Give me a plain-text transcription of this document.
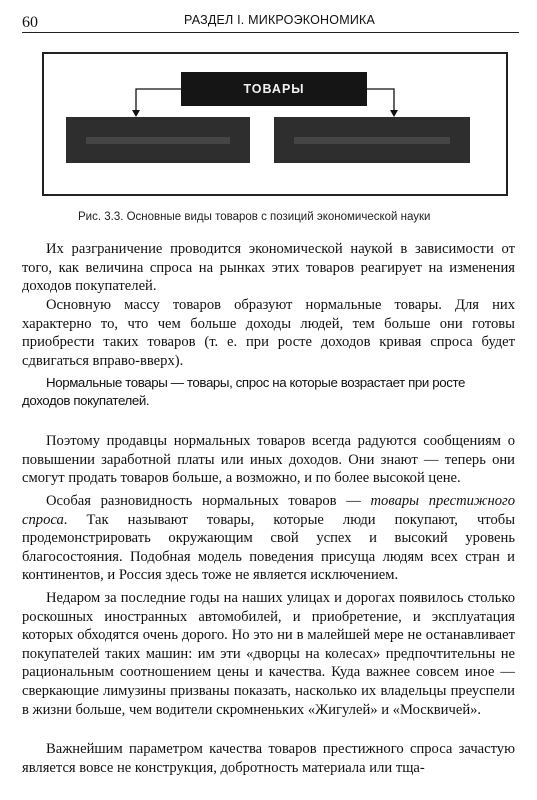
60	РАЗДЕЛ I. МИКРОЭКОНОМИКА
ТОВАРЫ
Рис. 3.3. Основные виды товаров с позиций экономической науки

Их разграничение проводится экономической наукой в зависимости от того, как величина спроса на рынках этих товаров реагирует на изменения доходов покупателей.

Основную массу товаров образуют нормальные товары. Для них характерно то, что чем больше доходы людей, тем больше они готовы приобрести таких товаров (т. е. при росте доходов кривая спроса будет сдвигаться вправо-вверх).

Нормальные товары — товары, спрос на которые возрастает при росте доходов покупателей.

Поэтому продавцы нормальных товаров всегда радуются сообщениям о повышении заработной платы или иных доходов. Они знают — теперь они смогут продать товаров больше, а возможно, и по более высокой цене.

Особая разновидность нормальных товаров — товары престижного спроса. Так называют товары, которые люди покупают, чтобы продемонстрировать окружающим свой успех и высокий уровень благосостояния. Подобная модель поведения присуща людям всех стран и континентов, и Россия здесь тоже не является исключением.

Недаром за последние годы на наших улицах и дорогах появилось столько роскошных иностранных автомобилей, и приобретение, и эксплуатация которых обходятся очень дорого. Но это ни в малейшей мере не останавливает покупателей таких машин: им эти «дворцы на колесах» предпочтительны не рациональным соотношением цены и качества. Куда важнее совсем иное — сверкающие лимузины призваны показать, насколько их владельцы преуспели в жизни больше, чем водители скромненьких «Жигулей» и «Москвичей».

Важнейшим параметром качества товаров престижного спроса зачастую является вовсе не конструкция, добротность материала или тща-
